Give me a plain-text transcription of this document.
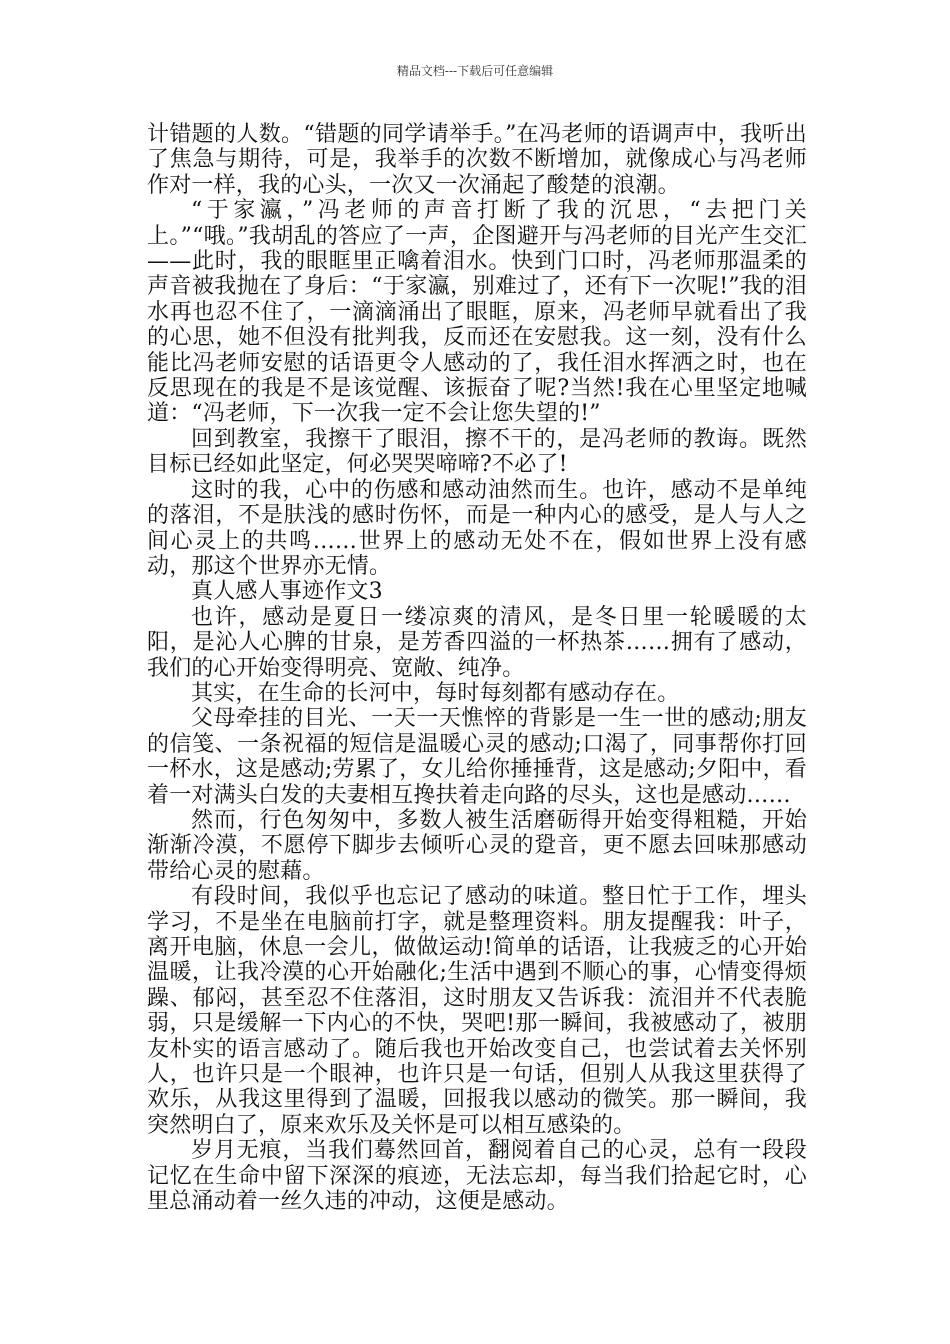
精品文档---下载后可任意编辑

计错题的人数。“错题的同学请举手。”在冯老师的语调声中，我听出了焦急与期待，可是，我举手的次数不断增加，就像成心与冯老师作对一样，我的心头，一次又一次涌起了酸楚的浪潮。

“于家瀛，”冯老师的声音打断了我的沉思，“去把门关上。”“哦。”我胡乱的答应了一声，企图避开与冯老师的目光产生交汇——此时，我的眼眶里正噙着泪水。快到门口时，冯老师那温柔的声音被我抛在了身后：“于家瀛，别难过了，还有下一次呢!”我的泪水再也忍不住了，一滴滴涌出了眼眶，原来，冯老师早就看出了我的心思，她不但没有批判我，反而还在安慰我。这一刻，没有什么能比冯老师安慰的话语更令人感动的了，我任泪水挥洒之时，也在反思现在的我是不是该觉醒、该振奋了呢?当然!我在心里坚定地喊道：“冯老师，下一次我一定不会让您失望的!”

回到教室，我擦干了眼泪，擦不干的，是冯老师的教诲。既然目标已经如此坚定，何必哭哭啼啼?不必了!

这时的我，心中的伤感和感动油然而生。也许，感动不是单纯的落泪，不是肤浅的感时伤怀，而是一种内心的感受，是人与人之间心灵上的共鸣……世界上的感动无处不在，假如世界上没有感动，那这个世界亦无情。

真人感人事迹作文3

也许，感动是夏日一缕凉爽的清风，是冬日里一轮暖暖的太阳，是沁人心脾的甘泉，是芳香四溢的一杯热茶……拥有了感动，我们的心开始变得明亮、宽敞、纯净。

其实，在生命的长河中，每时每刻都有感动存在。

父母牵挂的目光、一天一天憔悴的背影是一生一世的感动;朋友的信笺、一条祝福的短信是温暖心灵的感动;口渴了，同事帮你打回一杯水，这是感动;劳累了，女儿给你捶捶背，这是感动;夕阳中，看着一对满头白发的夫妻相互搀扶着走向路的尽头，这也是感动……

然而，行色匆匆中，多数人被生活磨砺得开始变得粗糙，开始渐渐冷漠，不愿停下脚步去倾听心灵的跫音，更不愿去回味那感动带给心灵的慰藉。

有段时间，我似乎也忘记了感动的味道。整日忙于工作，埋头学习，不是坐在电脑前打字，就是整理资料。朋友提醒我：叶子，离开电脑，休息一会儿，做做运动!简单的话语，让我疲乏的心开始温暖，让我冷漠的心开始融化;生活中遇到不顺心的事，心情变得烦躁、郁闷，甚至忍不住落泪，这时朋友又告诉我：流泪并不代表脆弱，只是缓解一下内心的不快，哭吧!那一瞬间，我被感动了，被朋友朴实的语言感动了。随后我也开始改变自己，也尝试着去关怀别人，也许只是一个眼神，也许只是一句话，但别人从我这里获得了欢乐，从我这里得到了温暖，回报我以感动的微笑。那一瞬间，我突然明白了，原来欢乐及关怀是可以相互感染的。

岁月无痕，当我们蓦然回首，翻阅着自己的心灵，总有一段段记忆在生命中留下深深的痕迹，无法忘却，每当我们拾起它时，心里总涌动着一丝久违的冲动，这便是感动。
